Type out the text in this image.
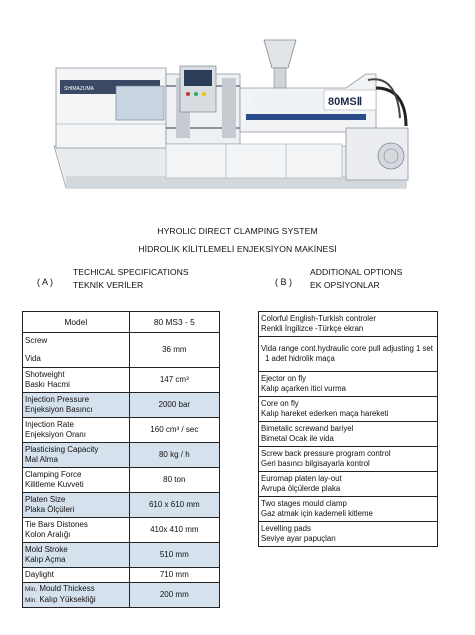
80MSⅡ
SHIMAZUMA
HYROLIC DIRECT CLAMPING SYSTEM
HİDROLİK KİLİTLEMELİ ENJEKSİYON MAKİNESİ
( A )
TECHICAL SPECIFICATIONS
TEKNİK VERİLER	( B )
ADDITIONAL OPTIONS
EK OPSİYONLAR
Model	80 MS3 - 5

Screw
Vida	36 mm

Shotweight
Baskı Hacmi	147 cm³

Injection Pressure
Enjeksiyon Basıncı	2000 bar

Injection Rate
Enjeksiyon Oranı	160 cm³ / sec

Plasticising Capacity
Mal Alma	80 kg / h

Clamping Force
Kilitleme Kuvveti	80 ton

Platen Size
Plaka Ölçüleri	610 x 610 mm

Tie Bars Distones
Kolon Aralığı	410x 410 mm

Mold Stroke
Kalıp Açma	510 mm

Daylight	710 mm

Min. Mould Thickess
Min. Kalıp Yüksekliği	200 mm
Colorful English-Turkish controler
Renkli İngilizce -Türkçe ekran

Vida range cont.hydraulic core pull adjusting 1 set
1 adet hidrolik maça

Ejector on fly
Kalıp açarken itici vurma

Core on fly
Kalıp hareket ederken maça hareketi

Bimetalic screwand bariyel
Bimetal Ocak ile vida

Screw back pressure program control
Geri basıncı bilgisayarla kontrol

Euromap platen lay-out
Avrupa ölçülerde plaka

Two stages mould clamp
Gaz atmak için kademeli kitleme

Levelling pads
Seviye ayar papuçları
